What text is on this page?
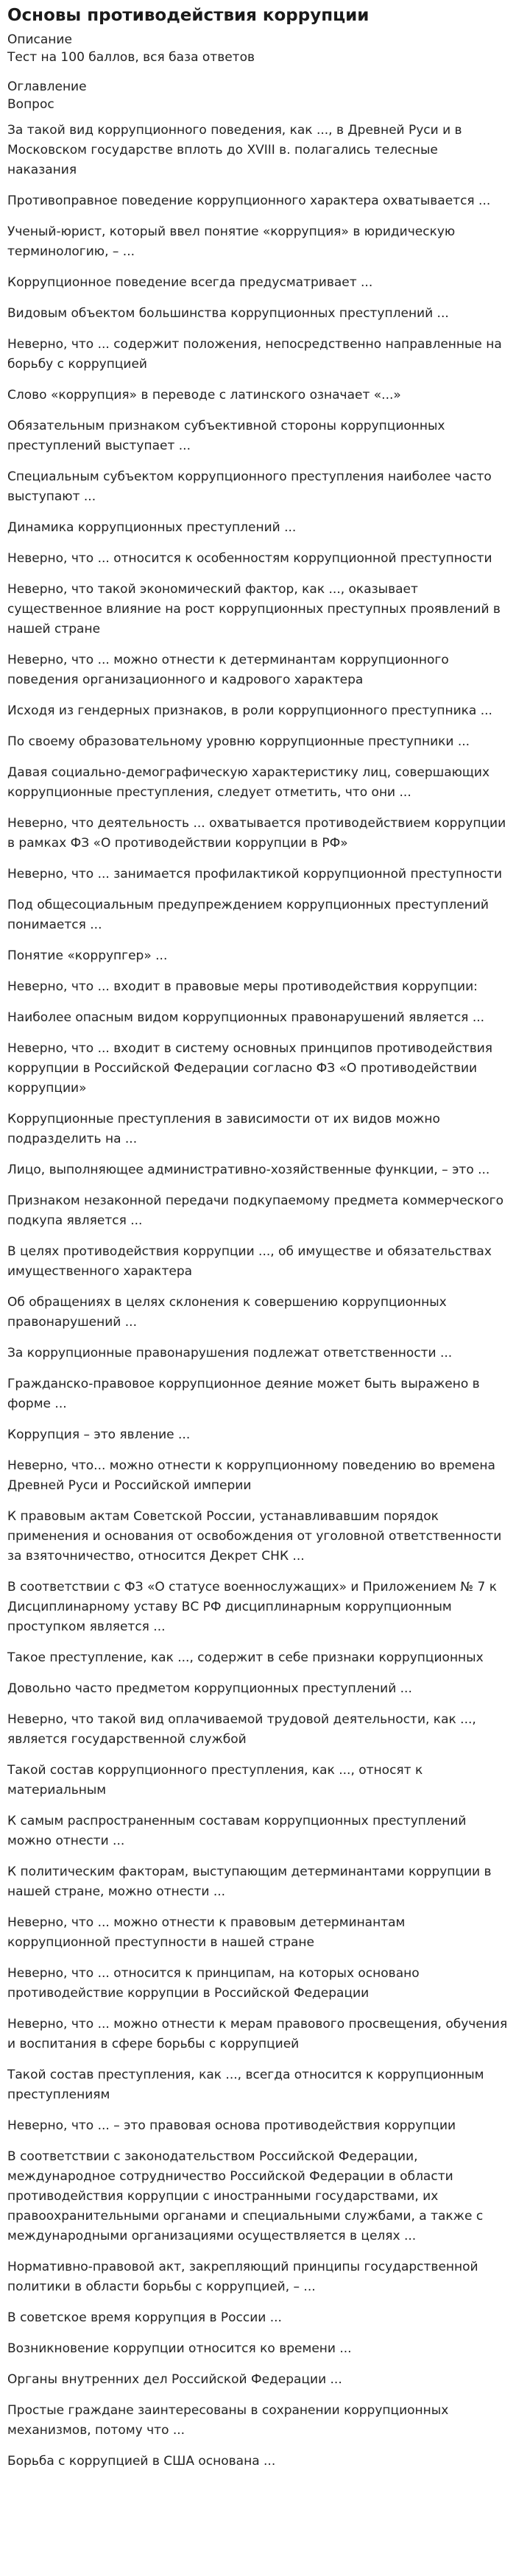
Основы противодействия коррупции

Описание

Тест на 100 баллов, вся база ответов

Оглавление

Вопрос

За такой вид коррупционного поведения, как ..., в Древней Руси и в Московском государстве вплоть до XVIII в. полагались телесные наказания
Противоправное поведение коррупционного характера охватывается ...
Ученый-юрист, который ввел понятие «коррупция» в юридическую терминологию, – ...
Коррупционное поведение всегда предусматривает ...
Видовым объектом большинства коррупционных преступлений ...
Неверно, что ... содержит положения, непосредственно направленные на борьбу с коррупцией
Слово «коррупция» в переводе с латинского означает «...»
Обязательным признаком субъективной стороны коррупционных преступлений выступает ...
Специальным субъектом коррупционного преступления наиболее часто выступают ...
Динамика коррупционных преступлений ...
Неверно, что ... относится к особенностям коррупционной преступности
Неверно, что такой экономический фактор, как ..., оказывает существенное влияние на рост коррупционных преступных проявлений в нашей стране
Неверно, что ... можно отнести к детерминантам коррупционного поведения организационного и кадрового характера
Исходя из гендерных признаков, в роли коррупционного преступника ...
По своему образовательному уровню коррупционные преступники ...
Давая социально-демографическую характеристику лиц, совершающих коррупционные преступления, следует отметить, что они ...
Неверно, что деятельность ... охватывается противодействием коррупции в рамках ФЗ «О противодействии коррупции в РФ»
Неверно, что ... занимается профилактикой коррупционной преступности
Под общесоциальным предупреждением коррупционных преступлений понимается ...
Понятие «коррупгер» ...
Неверно, что ... входит в правовые меры противодействия коррупции:
Наиболее опасным видом коррупционных правонарушений является ...
Неверно, что ... входит в систему основных принципов противодействия коррупции в Российской Федерации согласно ФЗ «О противодействии коррупции»
Коррупционные преступления в зависимости от их видов можно подразделить на ...
Лицо, выполняющее административно-хозяйственные функции, – это ...
Признаком незаконной передачи подкупаемому предмета коммерческого подкупа является ...
В целях противодействия коррупции ..., об имуществе и обязательствах имущественного характера
Об обращениях в целях склонения к совершению коррупционных правонарушений ...
За коррупционные правонарушения подлежат ответственности ...
Гражданско-правовое коррупционное деяние может быть выражено в форме ...
Коррупция – это явление ...
Неверно, что... можно отнести к коррупционному поведению во времена Древней Руси и Российской империи
К правовым актам Советской России, устанавливавшим порядок применения и основания от освобождения от уголовной ответственности за взяточничество, относится Декрет СНК ...
В соответствии с ФЗ «О статусе военнослужащих» и Приложением № 7 к Дисциплинарному уставу ВС РФ дисциплинарным коррупционным проступком является ...
Такое преступление, как ..., содержит в себе признаки коррупционных
Довольно часто предметом коррупционных преступлений ...
Неверно, что такой вид оплачиваемой трудовой деятельности, как ..., является государственной службой
Такой состав коррупционного преступления, как ..., относят к материальным
К самым распространенным составам коррупционных преступлений можно отнести ...
К политическим факторам, выступающим детерминантами коррупции в нашей стране, можно отнести ...
Неверно, что ... можно отнести к правовым детерминантам коррупционной преступности в нашей стране
Неверно, что ... относится к принципам, на которых основано противодействие коррупции в Российской Федерации
Неверно, что ... можно отнести к мерам правового просвещения, обучения и воспитания в сфере борьбы с коррупцией
Такой состав преступления, как ..., всегда относится к коррупционным преступлениям
Неверно, что ... – это правовая основа противодействия коррупции
В соответствии с законодательством Российской Федерации, международное сотрудничество Российской Федерации в области противодействия коррупции с иностранными государствами, их правоохранительными органами и специальными службами, а также с международными организациями осуществляется в целях ...
Нормативно-правовой акт, закрепляющий принципы государственной политики в области борьбы с коррупцией, – ...
В советское время коррупция в России ...
Возникновение коррупции относится ко времени ...
Органы внутренних дел Российской Федерации ...
Простые граждане заинтересованы в сохранении коррупционных механизмов, потому что ...
Борьба с коррупцией в США основана ...
